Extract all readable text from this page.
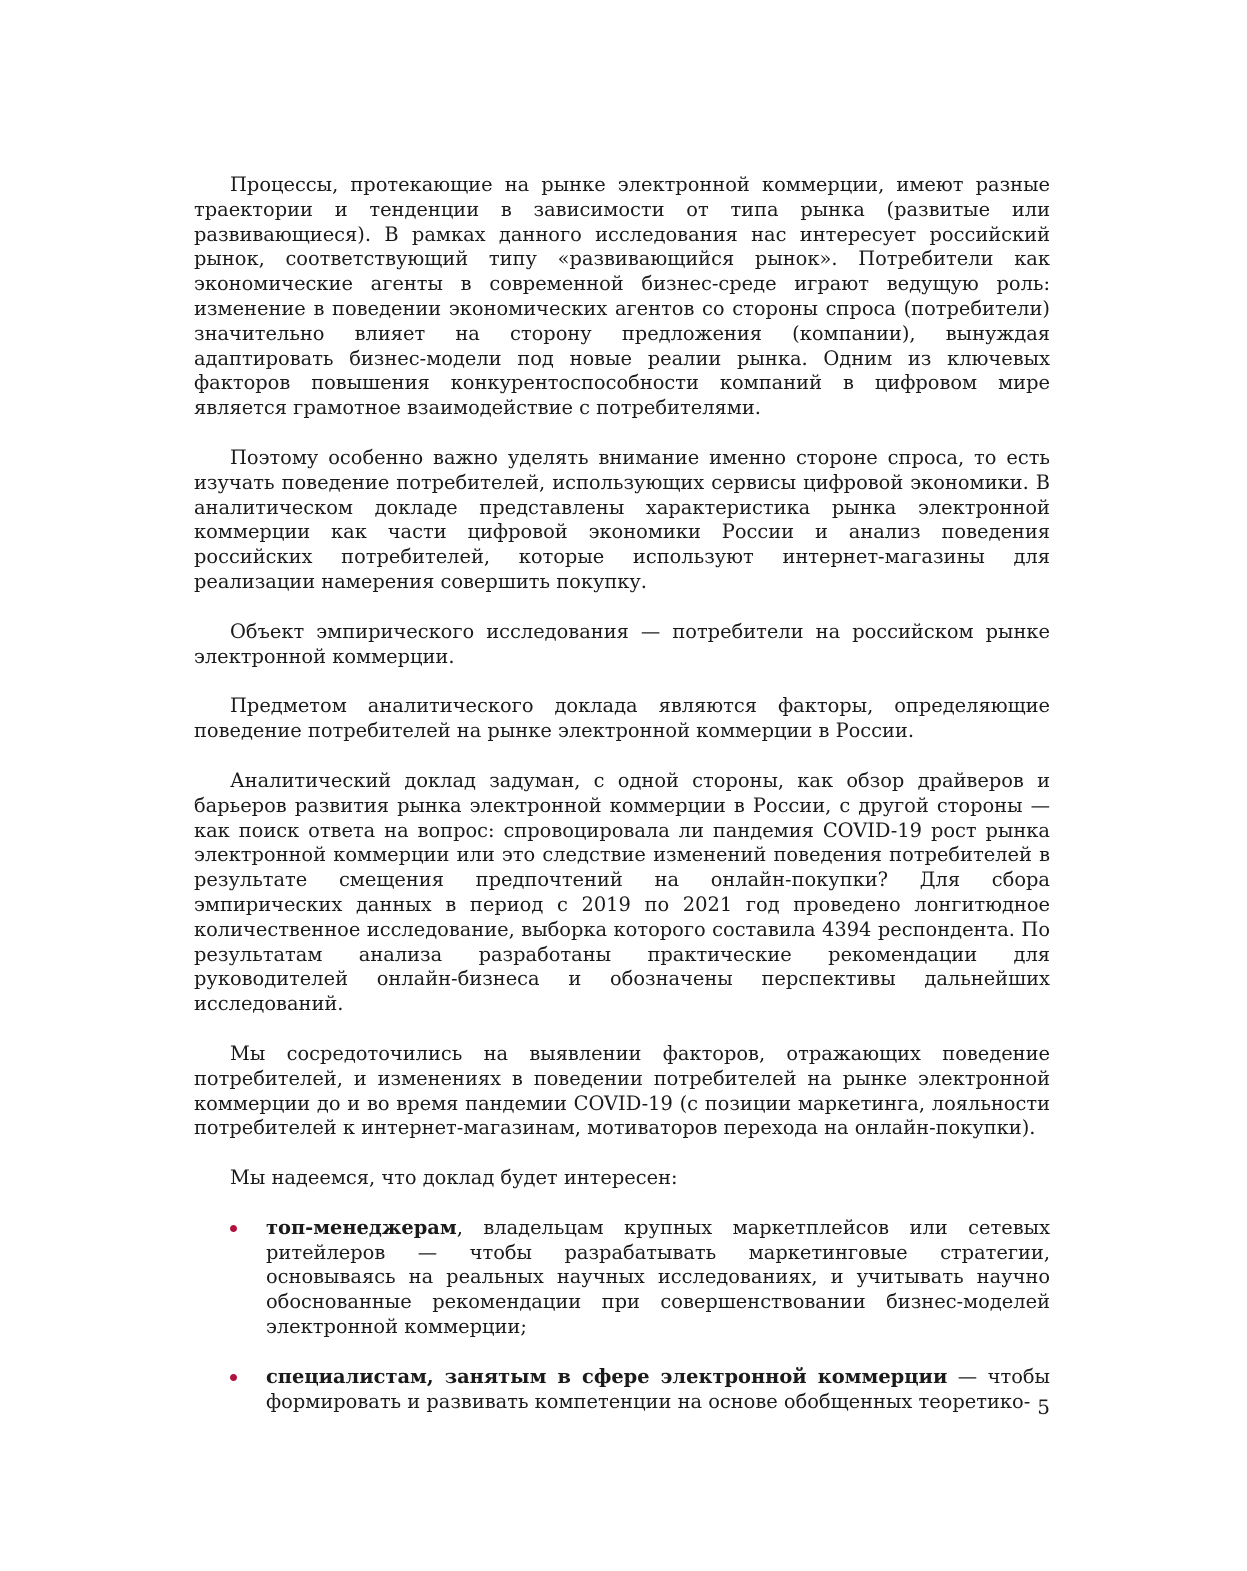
Процессы, протекающие на рынке электронной коммерции, имеют разные траектории и тенденции в зависимости от типа рынка (развитые или развивающиеся). В рамках данного исследования нас интересует российский рынок, соответствующий типу «развивающийся рынок». Потребители как экономические агенты в современной бизнес-среде играют ведущую роль: изменение в поведении экономических агентов со стороны спроса (потребители) значительно влияет на сторону предложения (компании), вынуждая адаптировать бизнес-модели под новые реалии рынка. Одним из ключевых факторов повышения конкурентоспособности компаний в цифровом мире является грамотное взаимодействие с потребителями.

Поэтому особенно важно уделять внимание именно стороне спроса, то есть изучать поведение потребителей, использующих сервисы цифровой экономики. В аналитическом докладе представлены характеристика рынка электронной коммерции как части цифровой экономики России и анализ поведения российских потребителей, которые используют интернет-магазины для реализации намерения совершить покупку.

Объект эмпирического исследования — потребители на российском рынке электронной коммерции.

Предметом аналитического доклада являются факторы, определяющие поведение потребителей на рынке электронной коммерции в России.

Аналитический доклад задуман, с одной стороны, как обзор драйверов и барьеров развития рынка электронной коммерции в России, с другой стороны — как поиск ответа на вопрос: спровоцировала ли пандемия COVID-19 рост рынка электронной коммерции или это следствие изменений поведения потребителей в результате смещения предпочтений на онлайн-покупки? Для сбора эмпирических данных в период с 2019 по 2021 год проведено лонгитюдное количественное исследование, выборка которого составила 4394 респондента. По результатам анализа разработаны практические рекомендации для руководителей онлайн-бизнеса и обозначены перспективы дальнейших исследований.

Мы сосредоточились на выявлении факторов, отражающих поведение потребителей, и изменениях в поведении потребителей на рынке электронной коммерции до и во время пандемии COVID-19 (с позиции маркетинга, лояльности потребителей к интернет-магазинам, мотиваторов перехода на онлайн-покупки).

Мы надеемся, что доклад будет интересен:

топ-менеджерам, владельцам крупных маркетплейсов или сетевых ритейлеров — чтобы разрабатывать маркетинговые стратегии, основываясь на реальных научных исследованиях, и учитывать научно обоснованные рекомендации при совершенствовании бизнес-моделей электронной коммерции;
специалистам, занятым в сфере электронной коммерции — чтобы формировать и развивать компетенции на основе обобщенных теоретико- 5
